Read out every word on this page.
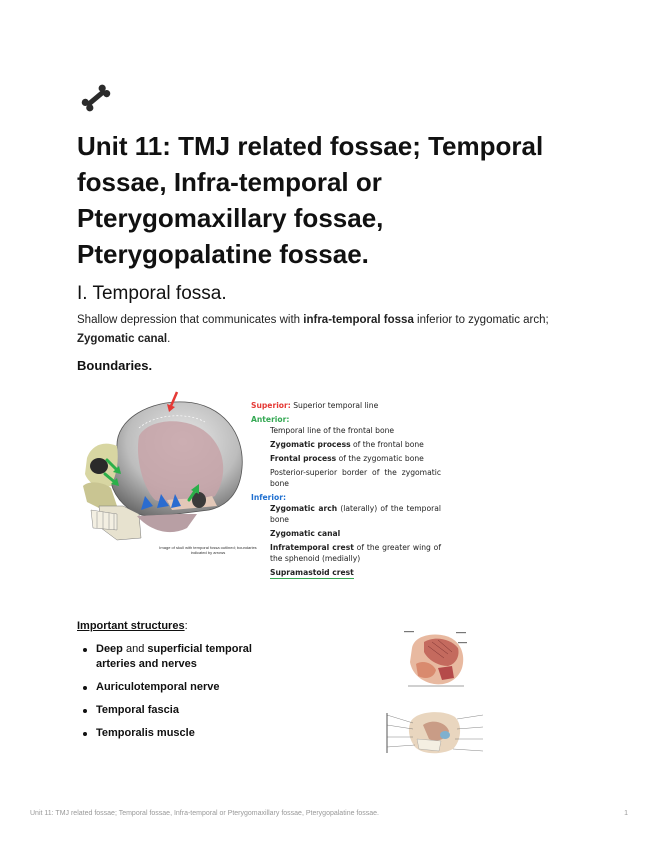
Unit 11: TMJ related fossae; Temporal
fossae, Infra-temporal or
Pterygomaxillary fossae,
Pterygopalatine fossae.
I. Temporal fossa.

Shallow depression that communicates with infra-temporal fossa inferior to zygomatic arch; Zygomatic canal.

Boundaries.
Image of skull with temporal fossa outlined; boundaries indicated by arrows
Superior: Superior temporal line
Anterior:
Temporal line of the frontal bone
Zygomatic process of the frontal bone
Frontal process of the zygomatic bone
Posterior-superior border of the zygomatic bone
Inferior:
Zygomatic arch (laterally) of the temporal bone
Zygomatic canal
Infratemporal crest of the greater wing of the sphenoid (medially)
Supramastoid crest
Important structures:
Deep and superficial temporal arteries and nerves
Auriculotemporal nerve
Temporal fascia
Temporalis muscle
Unit 11: TMJ related fossae; Temporal fossae, Infra-temporal or Pterygomaxillary fossae, Pterygopalatine fossae.	1
